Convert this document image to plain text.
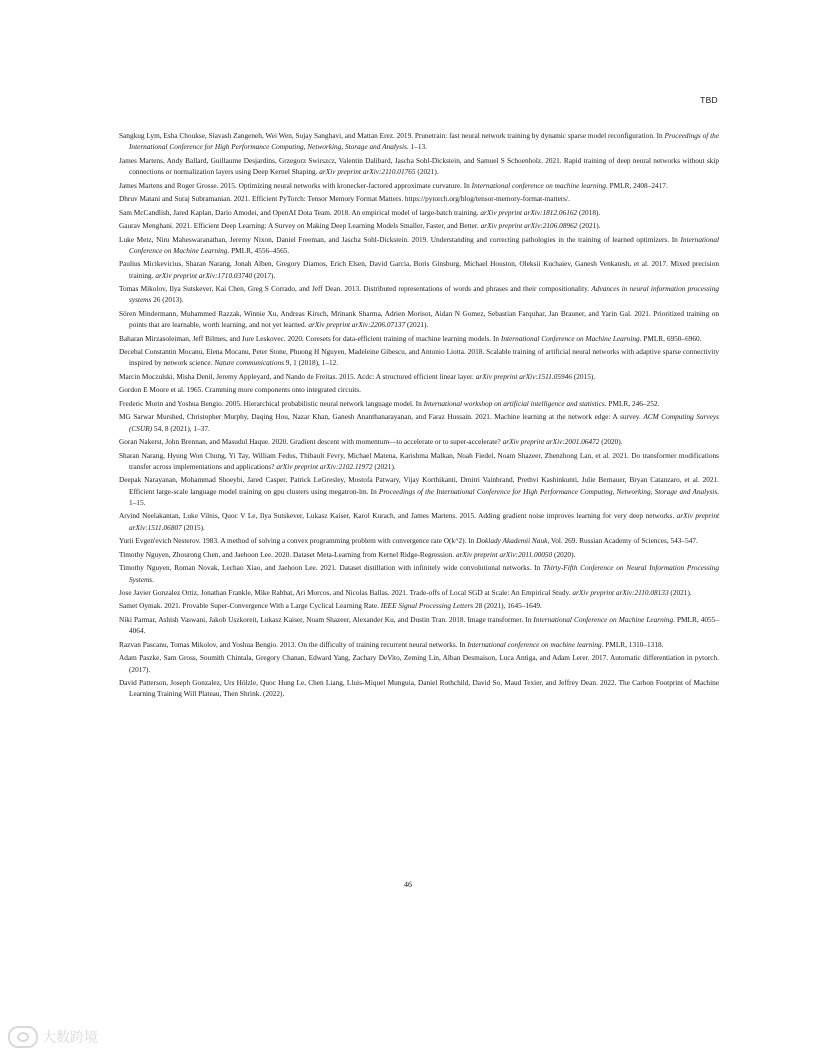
TBD

Sangkug Lym, Esha Choukse, Siavash Zangeneh, Wei Wen, Sujay Sanghavi, and Mattan Erez. 2019. Prunetrain: fast neural network training by dynamic sparse model reconfiguration. In Proceedings of the International Conference for High Performance Computing, Networking, Storage and Analysis. 1–13.

James Martens, Andy Ballard, Guillaume Desjardins, Grzegorz Swirszcz, Valentin Dalibard, Jascha Sohl-Dickstein, and Samuel S Schoenholz. 2021. Rapid training of deep neural networks without skip connections or normalization layers using Deep Kernel Shaping. arXiv preprint arXiv:2110.01765 (2021).

James Martens and Roger Grosse. 2015. Optimizing neural networks with kronecker-factored approximate curvature. In International conference on machine learning. PMLR, 2408–2417.

Dhruv Matani and Suraj Subramanian. 2021. Efficient PyTorch: Tensor Memory Format Matters. https://pytorch.org/blog/tensor-memory-format-matters/.

Sam McCandlish, Jared Kaplan, Dario Amodei, and OpenAI Dota Team. 2018. An empirical model of large-batch training. arXiv preprint arXiv:1812.06162 (2018).

Gaurav Menghani. 2021. Efficient Deep Learning: A Survey on Making Deep Learning Models Smaller, Faster, and Better. arXiv preprint arXiv:2106.08962 (2021).

Luke Metz, Niru Maheswaranathan, Jeremy Nixon, Daniel Freeman, and Jascha Sohl-Dickstein. 2019. Understanding and correcting pathologies in the training of learned optimizers. In International Conference on Machine Learning. PMLR, 4556–4565.

Paulius Micikevicius, Sharan Narang, Jonah Alben, Gregory Diamos, Erich Elsen, David Garcia, Boris Ginsburg, Michael Houston, Oleksii Kuchaiev, Ganesh Venkatesh, et al. 2017. Mixed precision training. arXiv preprint arXiv:1710.03740 (2017).

Tomas Mikolov, Ilya Sutskever, Kai Chen, Greg S Corrado, and Jeff Dean. 2013. Distributed representations of words and phrases and their compositionality. Advances in neural information processing systems 26 (2013).

Sören Mindermann, Muhammed Razzak, Winnie Xu, Andreas Kirsch, Mrinank Sharma, Adrien Morisot, Aidan N Gomez, Sebastian Farquhar, Jan Brauner, and Yarin Gal. 2021. Prioritized training on points that are learnable, worth learning, and not yet learned. arXiv preprint arXiv:2206.07137 (2021).

Baharan Mirzasoleiman, Jeff Bilmes, and Jure Leskovec. 2020. Coresets for data-efficient training of machine learning models. In International Conference on Machine Learning. PMLR, 6950–6960.

Decebal Constantin Mocanu, Elena Mocanu, Peter Stone, Phuong H Nguyen, Madeleine Gibescu, and Antonio Liotta. 2018. Scalable training of artificial neural networks with adaptive sparse connectivity inspired by network science. Nature communications 9, 1 (2018), 1–12.

Marcin Moczulski, Misha Denil, Jeremy Appleyard, and Nando de Freitas. 2015. Acdc: A structured efficient linear layer. arXiv preprint arXiv:1511.05946 (2015).

Gordon E Moore et al. 1965. Cramming more components onto integrated circuits.

Frederic Morin and Yoshua Bengio. 2005. Hierarchical probabilistic neural network language model. In International workshop on artificial intelligence and statistics. PMLR, 246–252.

MG Sarwar Murshed, Christopher Murphy, Daqing Hou, Nazar Khan, Ganesh Ananthanarayanan, and Faraz Hussain. 2021. Machine learning at the network edge: A survey. ACM Computing Surveys (CSUR) 54, 8 (2021), 1–37.

Goran Nakerst, John Brennan, and Masudul Haque. 2020. Gradient descent with momentum—to accelerate or to super-accelerate? arXiv preprint arXiv:2001.06472 (2020).

Sharan Narang, Hyung Won Chung, Yi Tay, William Fedus, Thibault Fevry, Michael Matena, Karishma Malkan, Noah Fiedel, Noam Shazeer, Zhenzhong Lan, et al. 2021. Do transformer modifications transfer across implementations and applications? arXiv preprint arXiv:2102.11972 (2021).

Deepak Narayanan, Mohammad Shoeybi, Jared Casper, Patrick LeGresley, Mostofa Patwary, Vijay Korthikanti, Dmitri Vainbrand, Prethvi Kashinkunti, Julie Bernauer, Bryan Catanzaro, et al. 2021. Efficient large-scale language model training on gpu clusters using megatron-lm. In Proceedings of the International Conference for High Performance Computing, Networking, Storage and Analysis. 1–15.

Arvind Neelakantan, Luke Vilnis, Quoc V Le, Ilya Sutskever, Lukasz Kaiser, Karol Kurach, and James Martens. 2015. Adding gradient noise improves learning for very deep networks. arXiv preprint arXiv:1511.06807 (2015).

Yurii Evgen'evich Nesterov. 1983. A method of solving a convex programming problem with convergence rate O(k^2). In Doklady Akademii Nauk, Vol. 269. Russian Academy of Sciences, 543–547.

Timothy Nguyen, Zhourong Chen, and Jaehoon Lee. 2020. Dataset Meta-Learning from Kernel Ridge-Regression. arXiv preprint arXiv:2011.00050 (2020).

Timothy Nguyen, Roman Novak, Lechao Xiao, and Jaehoon Lee. 2021. Dataset distillation with infinitely wide convolutional networks. In Thirty-Fifth Conference on Neural Information Processing Systems.

Jose Javier Gonzalez Ortiz, Jonathan Frankle, Mike Rabbat, Ari Morcos, and Nicolas Ballas. 2021. Trade-offs of Local SGD at Scale: An Empirical Study. arXiv preprint arXiv:2110.08133 (2021).

Samet Oymak. 2021. Provable Super-Convergence With a Large Cyclical Learning Rate. IEEE Signal Processing Letters 28 (2021), 1645–1649.

Niki Parmar, Ashish Vaswani, Jakob Uszkoreit, Lukasz Kaiser, Noam Shazeer, Alexander Ku, and Dustin Tran. 2018. Image transformer. In International Conference on Machine Learning. PMLR, 4055–4064.

Razvan Pascanu, Tomas Mikolov, and Yoshua Bengio. 2013. On the difficulty of training recurrent neural networks. In International conference on machine learning. PMLR, 1310–1318.

Adam Paszke, Sam Gross, Soumith Chintala, Gregory Chanan, Edward Yang, Zachary DeVito, Zeming Lin, Alban Desmaison, Luca Antiga, and Adam Lerer. 2017. Automatic differentiation in pytorch. (2017).

David Patterson, Joseph Gonzalez, Urs Hölzle, Quoc Hung Le, Chen Liang, Lluis-Miquel Munguia, Daniel Rothchild, David So, Maud Texier, and Jeffrey Dean. 2022. The Carbon Footprint of Machine Learning Training Will Plateau, Then Shrink. (2022).

46
大数跨境
